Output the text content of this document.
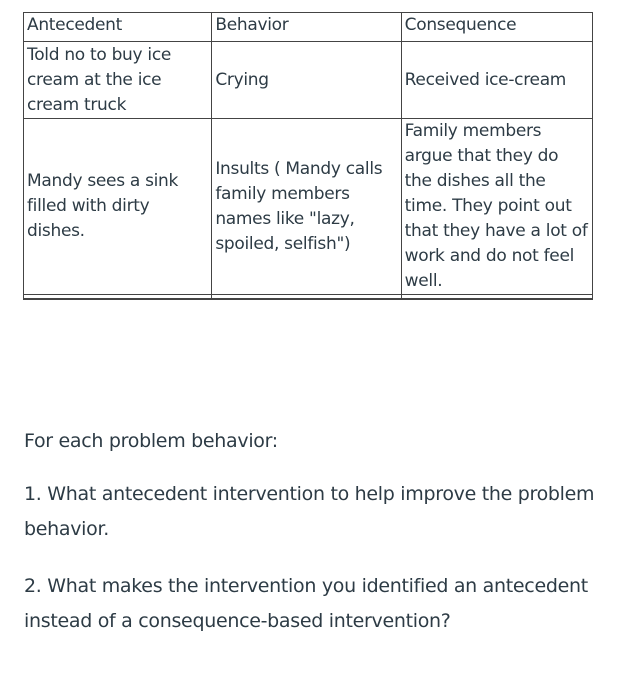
Antecedent	Behavior	Consequence
Told no to buy ice cream at the ice cream truck	Crying	Received ice-cream
Mandy sees a sink filled with dirty dishes.	Insults ( Mandy calls family members names like "lazy, spoiled, selfish")	Family members argue that they do the dishes all the time. They point out that they have a lot of work and do not feel well.

For each problem behavior:

1. What antecedent intervention to help improve the problem behavior.

2. What makes the intervention you identified an antecedent instead of a consequence-based intervention?
